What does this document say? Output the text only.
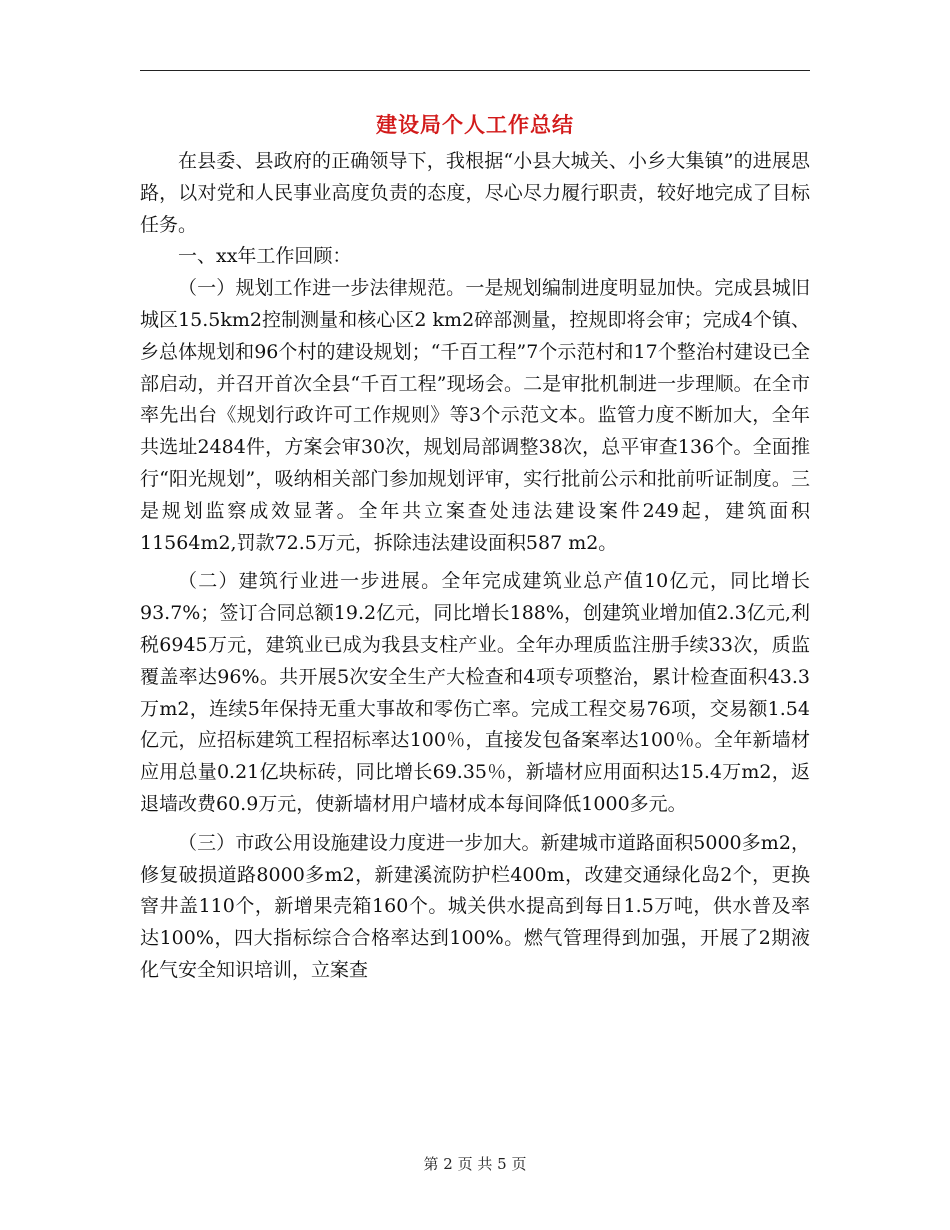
建设局个人工作总结

在县委、县政府的正确领导下，我根据“小县大城关、小乡大集镇”的进展思路，以对党和人民事业高度负责的态度，尽心尽力履行职责，较好地完成了目标任务。

一、xx年工作回顾：

（一）规划工作进一步法律规范。一是规划编制进度明显加快。完成县城旧城区15.5km2控制测量和核心区2 km2碎部测量，控规即将会审；完成4个镇、乡总体规划和96个村的建设规划；“千百工程”7个示范村和17个整治村建设已全部启动，并召开首次全县“千百工程”现场会。二是审批机制进一步理顺。在全市率先出台《规划行政许可工作规则》等3个示范文本。监管力度不断加大，全年共选址2484件，方案会审30次，规划局部调整38次，总平审查136个。全面推行“阳光规划”，吸纳相关部门参加规划评审，实行批前公示和批前听证制度。三是规划监察成效显著。全年共立案查处违法建设案件249起，建筑面积11564m2,罚款72.5万元，拆除违法建设面积587 m2。

（二）建筑行业进一步进展。全年完成建筑业总产值10亿元，同比增长93.7%；签订合同总额19.2亿元，同比增长188%，创建筑业增加值2.3亿元,利税6945万元，建筑业已成为我县支柱产业。全年办理质监注册手续33次，质监覆盖率达96%。共开展5次安全生产大检查和4项专项整治，累计检查面积43.3万m2，连续5年保持无重大事故和零伤亡率。完成工程交易76项，交易额1.54亿元，应招标建筑工程招标率达100％，直接发包备案率达100％。全年新墙材应用总量0.21亿块标砖，同比增长69.35％，新墙材应用面积达15.4万m2，返退墙改费60.9万元，使新墙材用户墙材成本每间降低1000多元。

（三）市政公用设施建设力度进一步加大。新建城市道路面积5000多m2，修复破损道路8000多m2，新建溪流防护栏400m，改建交通绿化岛2个，更换窨井盖110个，新增果壳箱160个。城关供水提高到每日1.5万吨，供水普及率达100%，四大指标综合合格率达到100%。燃气管理得到加强，开展了2期液化气安全知识培训，立案查

第 2 页 共 5 页
